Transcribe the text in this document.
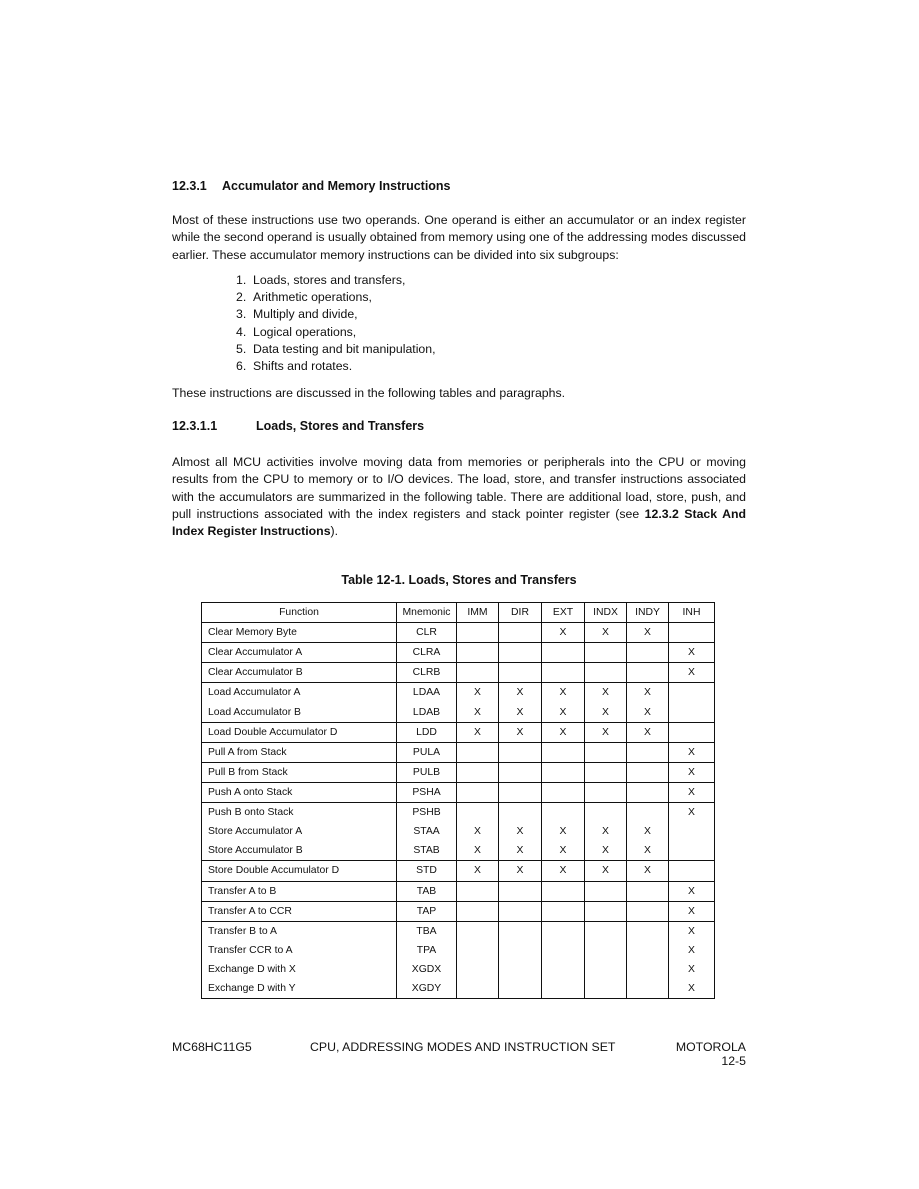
12.3.1 Accumulator and Memory Instructions
Most of these instructions use two operands. One operand is either an accumulator or an index register while the second operand is usually obtained from memory using one of the addressing modes discussed earlier. These accumulator memory instructions can be divided into six subgroups:
1. Loads, stores and transfers,
2. Arithmetic operations,
3. Multiply and divide,
4. Logical operations,
5. Data testing and bit manipulation,
6. Shifts and rotates.
These instructions are discussed in the following tables and paragraphs.
12.3.1.1	Loads, Stores and Transfers
Almost all MCU activities involve moving data from memories or peripherals into the CPU or moving results from the CPU to memory or to I/O devices. The load, store, and transfer instructions associated with the accumulators are summarized in the following table. There are additional load, store, push, and pull instructions associated with the index registers and stack pointer register (see 12.3.2 Stack And Index Register Instructions).
Table 12-1. Loads, Stores and Transfers
Function	Mnemonic	IMM	DIR	EXT	INDX	INDY	INH
Clear Memory Byte	CLR			X	X	X	
Clear Accumulator A	CLRA						X
Clear Accumulator B	CLRB						X
Load Accumulator A	LDAA	X	X	X	X	X	
Load Accumulator B	LDAB	X	X	X	X	X	
Load Double Accumulator D	LDD	X	X	X	X	X	
Pull A from Stack	PULA						X
Pull B from Stack	PULB						X
Push A onto Stack	PSHA						X
Push B onto Stack	PSHB						X
Store Accumulator A	STAA	X	X	X	X	X	
Store Accumulator B	STAB	X	X	X	X	X	
Store Double Accumulator D	STD	X	X	X	X	X	
Transfer A to B	TAB						X
Transfer A to CCR	TAP						X
Transfer B to A	TBA						X
Transfer CCR to A	TPA						X
Exchange D with X	XGDX						X
Exchange D with Y	XGDY						X
MC68HC11G5	CPU, ADDRESSING MODES AND INSTRUCTION SET	MOTOROLA
12-5
